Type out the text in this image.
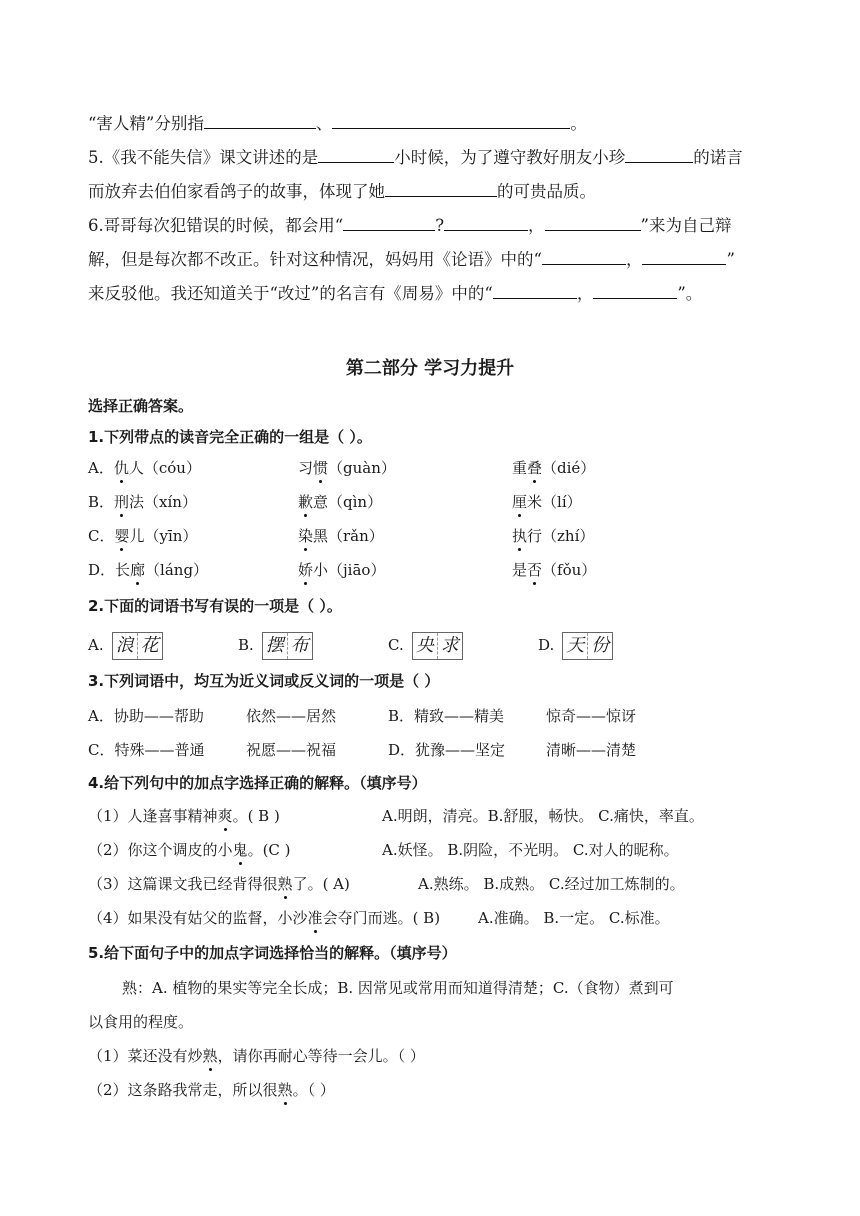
“害人精”分别指	、	。
5.《我不能失信》课文讲述的是	小时候，为了遵守教好朋友小珍	的诺言
而放弃去伯伯家看鸽子的故事，体现了她	的可贵品质。
6.哥哥每次犯错误的时候，都会用“	?	，	”来为自己辩
解，但是每次都不改正。针对这种情况，妈妈用《论语》中的“	，	”
来反驳他。我还知道关于“改过”的名言有《周易》中的“	，	”。
第二部分 学习力提升
选择正确答案。
1.下列带点的读音完全正确的一组是（ ）。
A．仇人（cóu）	习惯（guàn）	重叠（dié）
B．刑法（xín）	歉意（qìn）	厘米（lí）
C．婴儿（yīn）	染黑（rǎn）	执行（zhí）
D．长廊（láng）	娇小（jiāo）	是否（fǒu）
2.下面的词语书写有误的一项是（ ）。
A. 浪 花	B. 摆 布	C. 央 求	D. 天 份
3.下列词语中，均互为近义词或反义词的一项是（ ）
A．协助——帮助	依然——居然	B．精致——精美	惊奇——惊讶
C．特殊——普通	祝愿——祝福	D．犹豫——坚定	清晰——清楚
4.给下列句中的加点字选择正确的解释。（填序号）
（1）人逢喜事精神爽。( B )	A.明朗，清亮。B.舒服，畅快。 C.痛快，率直。
（2）你这个调皮的小鬼。(C )	A.妖怪。 B.阴险，不光明。 C.对人的昵称。
（3）这篇课文我已经背得很熟了。( A)	A.熟练。 B.成熟。 C.经过加工炼制的。
（4）如果没有姑父的监督，小沙准会夺门而逃。( B)	A.准确。 B.一定。 C.标准。
5.给下面句子中的加点字词选择恰当的解释。（填序号）
熟：A. 植物的果实等完全长成；B. 因常见或常用而知道得清楚；C.（食物）煮到可
以食用的程度。
（1）菜还没有炒熟，请你再耐心等待一会儿。（ ）
（2）这条路我常走，所以很熟。（ ）
